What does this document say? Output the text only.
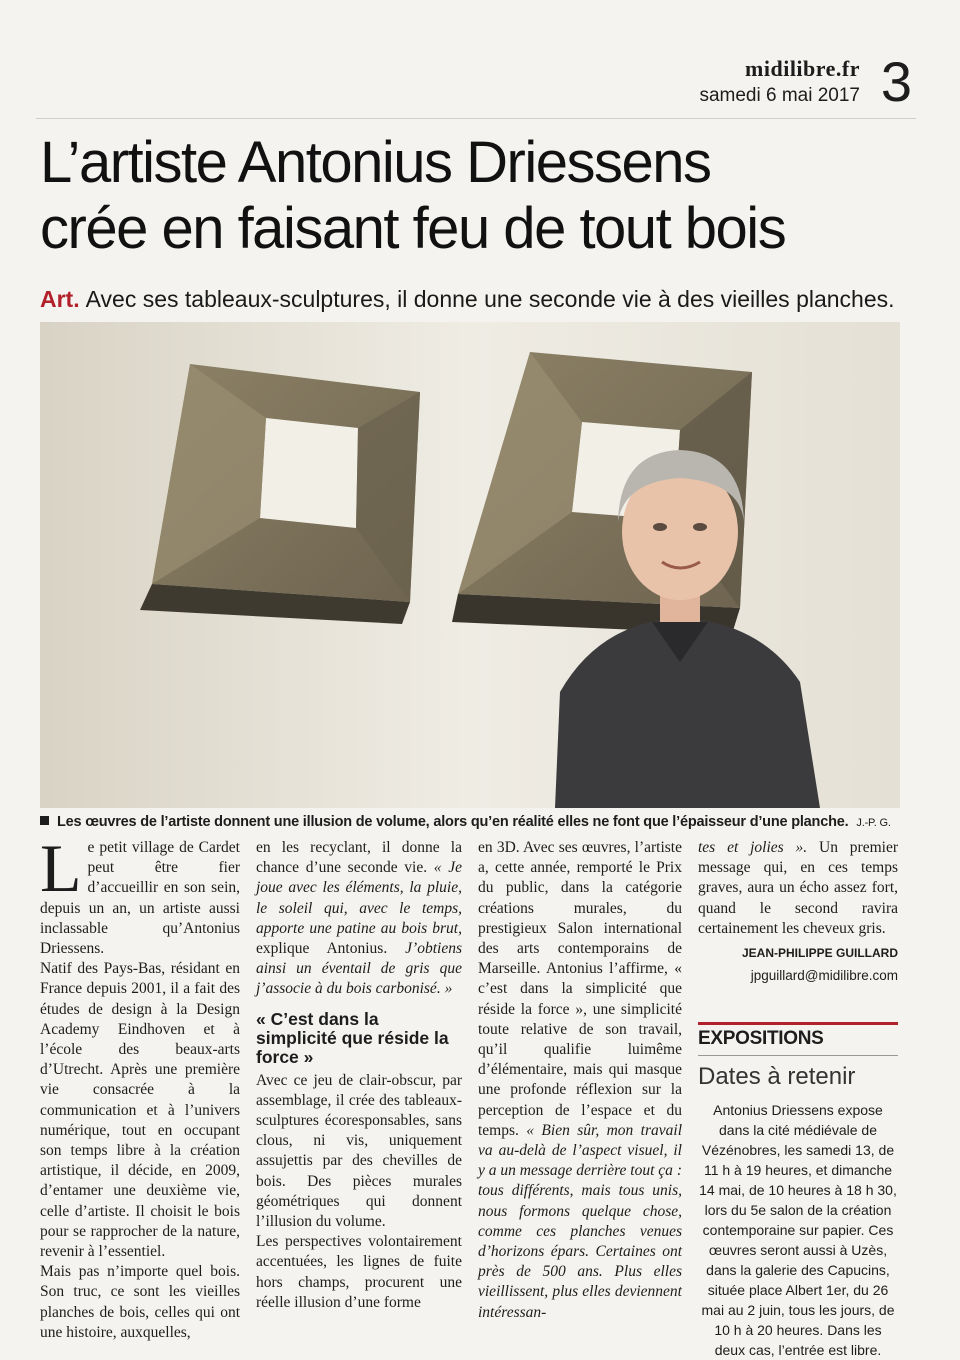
midilibre.fr
samedi 6 mai 2017 3
L’artiste Antonius Driessens
crée en faisant feu de tout bois
Art. Avec ses tableaux-sculptures, il donne une seconde vie à des vieilles planches.
Les œuvres de l’artiste donnent une illusion de volume, alors qu’en réalité elles ne font que l’épaisseur d’une planche. J.-P. G.

Le petit village de Cardet peut être fier d’accueillir en son sein, depuis un an, un artiste aussi inclassable qu’Antonius Driessens.

Natif des Pays-Bas, résidant en France depuis 2001, il a fait des études de design à la Design Academy Eindhoven et à l’école des beaux-arts d’Utrecht. Après une première vie consacrée à la communication et à l’univers numérique, tout en occupant son temps libre à la création artistique, il décide, en 2009, d’entamer une deuxième vie, celle d’artiste. Il choisit le bois pour se rapprocher de la nature, revenir à l’essentiel.

Mais pas n’importe quel bois. Son truc, ce sont les vieilles planches de bois, celles qui ont une histoire, auxquelles,

en les recyclant, il donne la chance d’une seconde vie. « Je joue avec les éléments, la pluie, le soleil qui, avec le temps, apporte une patine au bois brut, explique Antonius. J’obtiens ainsi un éventail de gris que j’associe à du bois carbonisé. »

« C’est dans la simplicité que réside la force »

Avec ce jeu de clair-obscur, par assemblage, il crée des tableaux-sculptures écoresponsables, sans clous, ni vis, uniquement assujettis par des chevilles de bois. Des pièces murales géométriques qui donnent l’illusion du volume.

Les perspectives volontairement accentuées, les lignes de fuite hors champs, procurent une réelle illusion d’une forme

en 3D. Avec ses œuvres, l’artiste a, cette année, remporté le Prix du public, dans la catégorie créations murales, du prestigieux Salon international des arts contemporains de Marseille. Antonius l’affirme, « c’est dans la simplicité que réside la force », une simplicité toute relative de son travail, qu’il qualifie luimême d’élémentaire, mais qui masque une profonde réflexion sur la perception de l’espace et du temps. « Bien sûr, mon travail va au-delà de l’aspect visuel, il y a un message derrière tout ça : tous différents, mais tous unis, nous formons quelque chose, comme ces planches venues d’horizons épars. Certaines ont près de 500 ans. Plus elles vieillissent, plus elles deviennent intéressan-

tes et jolies ». Un premier message qui, en ces temps graves, aura un écho assez fort, quand le second ravira certainement les cheveux gris.

JEAN-PHILIPPE GUILLARD
jpguillard@midilibre.com
EXPOSITIONS
Dates à retenir
Antonius Driessens expose dans la cité médiévale de Vézénobres, les samedi 13, de 11 h à 19 heures, et dimanche 14 mai, de 10 heures à 18 h 30, lors du 5e salon de la création contemporaine sur papier. Ces œuvres seront aussi à Uzès, dans la galerie des Capucins, située place Albert 1er, du 26 mai au 2 juin, tous les jours, de 10 h à 20 heures. Dans les deux cas, l’entrée est libre.
